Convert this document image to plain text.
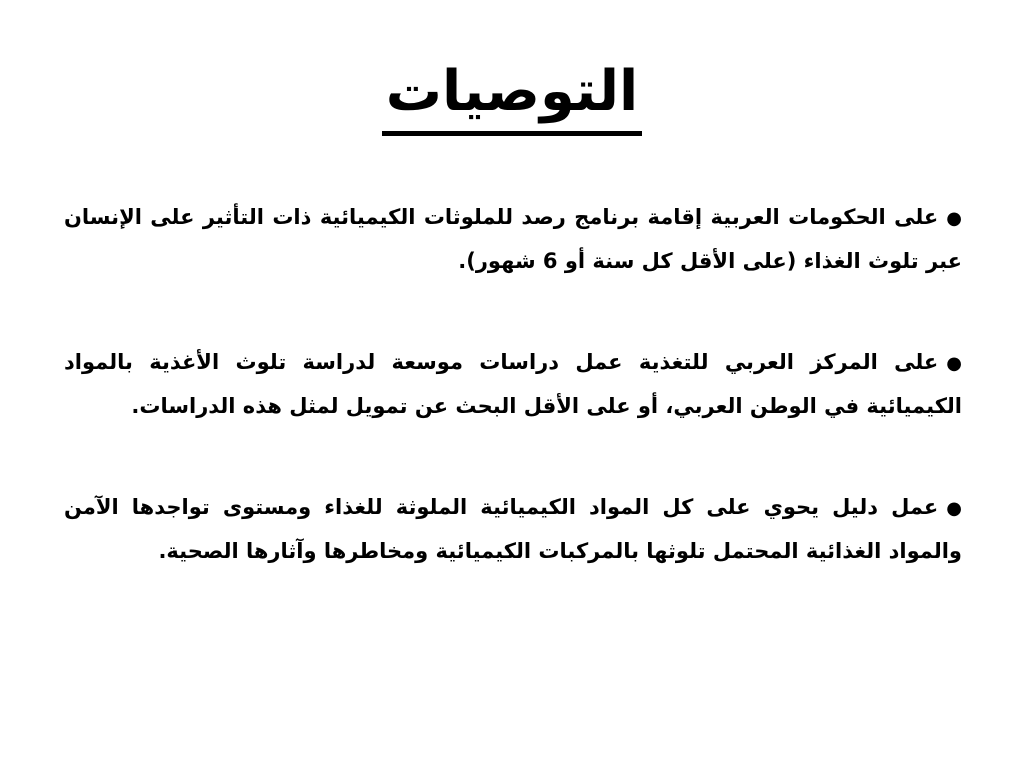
التوصيات
●على الحكومات العربية إقامة برنامج رصد للملوثات الكيميائية ذات التأثير على الإنسان عبر تلوث الغذاء (على الأقل كل سنة أو 6 شهور).
●على المركز العربي للتغذية عمل دراسات موسعة لدراسة تلوث الأغذية بالمواد الكيميائية في الوطن العربي، أو على الأقل البحث عن تمويل لمثل هذه الدراسات.
●عمل دليل يحوي على كل المواد الكيميائية الملوثة للغذاء ومستوى تواجدها الآمن والمواد الغذائية المحتمل تلوثها بالمركبات الكيميائية ومخاطرها وآثارها الصحية.
